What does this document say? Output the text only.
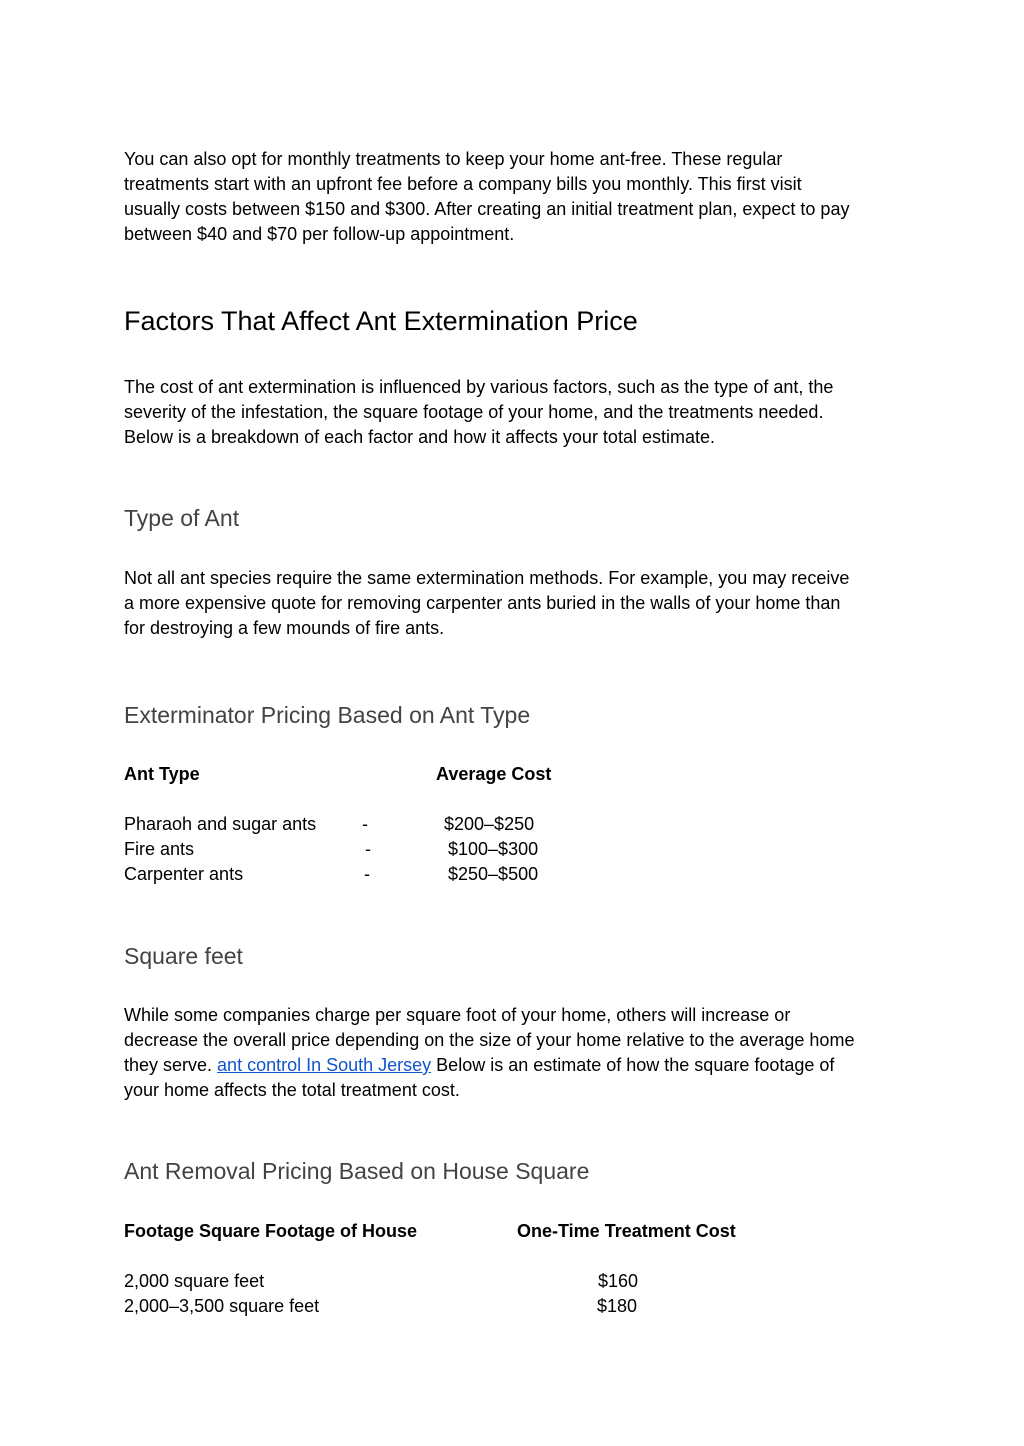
You can also opt for monthly treatments to keep your home ant-free. These regular
treatments start with an upfront fee before a company bills you monthly. This first visit
usually costs between $150 and $300. After creating an initial treatment plan, expect to pay
between $40 and $70 per follow-up appointment.
Factors That Affect Ant Extermination Price
The cost of ant extermination is influenced by various factors, such as the type of ant, the
severity of the infestation, the square footage of your home, and the treatments needed.
Below is a breakdown of each factor and how it affects your total estimate.
Type of Ant
Not all ant species require the same extermination methods. For example, you may receive
a more expensive quote for removing carpenter ants buried in the walls of your home than
for destroying a few mounds of fire ants.
Exterminator Pricing Based on Ant Type
Ant Type	Average Cost
Pharaoh and sugar ants	-	$200–$250
Fire ants	-	$100–$300
Carpenter ants	-	$250–$500
Square feet
While some companies charge per square foot of your home, others will increase or
decrease the overall price depending on the size of your home relative to the average home
they serve. ant control In South Jersey Below is an estimate of how the square footage of
your home affects the total treatment cost.
Ant Removal Pricing Based on House Square
Footage Square Footage of House	One-Time Treatment Cost
2,000 square feet	$160
2,000–3,500 square feet	$180
